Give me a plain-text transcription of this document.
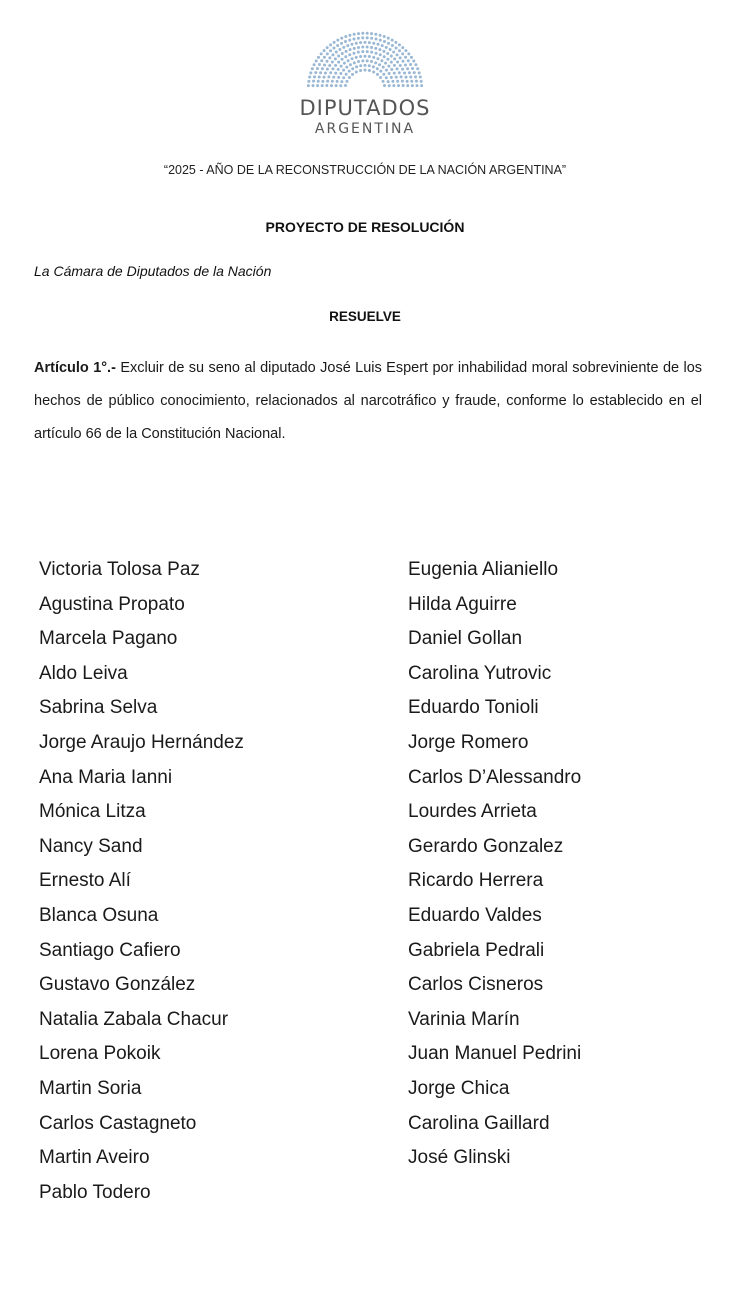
DIPUTADOS
ARGENTINA
“2025 - AÑO DE LA RECONSTRUCCIÓN DE LA NACIÓN ARGENTINA”
PROYECTO DE RESOLUCIÓN
La Cámara de Diputados de la Nación
RESUELVE
Artículo 1°.- Excluir de su seno al diputado José Luis Espert por inhabilidad moral sobreviniente de los hechos de público conocimiento, relacionados al narcotráfico y fraude, conforme lo establecido en el artículo 66 de la Constitución Nacional.
Victoria Tolosa Paz
Agustina Propato
Marcela Pagano
Aldo Leiva
Sabrina Selva
Jorge Araujo Hernández
Ana Maria Ianni
Mónica Litza
Nancy Sand
Ernesto Alí
Blanca Osuna
Santiago Cafiero
Gustavo González
Natalia Zabala Chacur
Lorena Pokoik
Martin Soria
Carlos Castagneto
Martin Aveiro
Pablo Todero
Eugenia Alianiello
Hilda Aguirre
Daniel Gollan
Carolina Yutrovic
Eduardo Tonioli
Jorge Romero
Carlos D’Alessandro
Lourdes Arrieta
Gerardo Gonzalez
Ricardo Herrera
Eduardo Valdes
Gabriela Pedrali
Carlos Cisneros
Varinia Marín
Juan Manuel Pedrini
Jorge Chica
Carolina Gaillard
José Glinski
